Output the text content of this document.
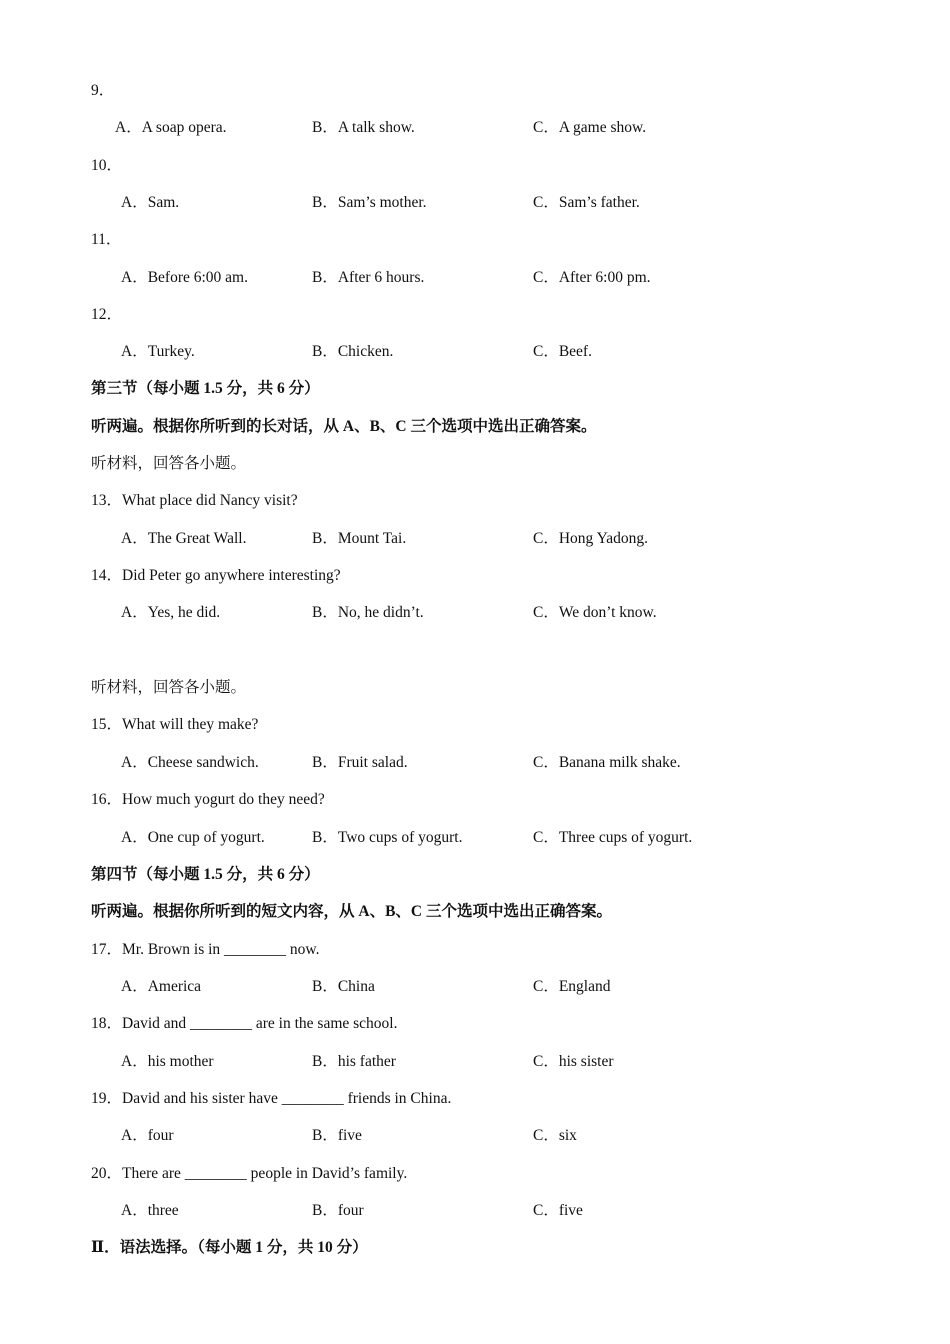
9．
A．A soap opera.	B．A talk show.	C．A game show.
10．
A．Sam.	B．Sam’s mother.	C．Sam’s father.
11．
A．Before 6:00 am.	B．After 6 hours.	C．After 6:00 pm.
12．
A．Turkey.	B．Chicken.	C．Beef.
第三节（每小题 1.5 分，共 6 分）
听两遍。根据你所听到的长对话，从 A、B、C 三个选项中选出正确答案。
听材料，回答各小题。
13．What place did Nancy visit?
A．The Great Wall.	B．Mount Tai.	C．Hong Yadong.
14．Did Peter go anywhere interesting?
A．Yes, he did.	B．No, he didn’t.	C．We don’t know.
听材料，回答各小题。
15．What will they make?
A．Cheese sandwich.	B．Fruit salad.	C．Banana milk shake.
16．How much yogurt do they need?
A．One cup of yogurt.	B．Two cups of yogurt.	C．Three cups of yogurt.
第四节（每小题 1.5 分，共 6 分）
听两遍。根据你所听到的短文内容，从 A、B、C 三个选项中选出正确答案。
17．Mr. Brown is in ________ now.
A．America	B．China	C．England
18．David and ________ are in the same school.
A．his mother	B．his father	C．his sister
19．David and his sister have ________ friends in China.
A．four	B．five	C．six
20．There are ________ people in David’s family.
A．three	B．four	C．five
Ⅱ．语法选择。（每小题 1 分，共 10 分）
